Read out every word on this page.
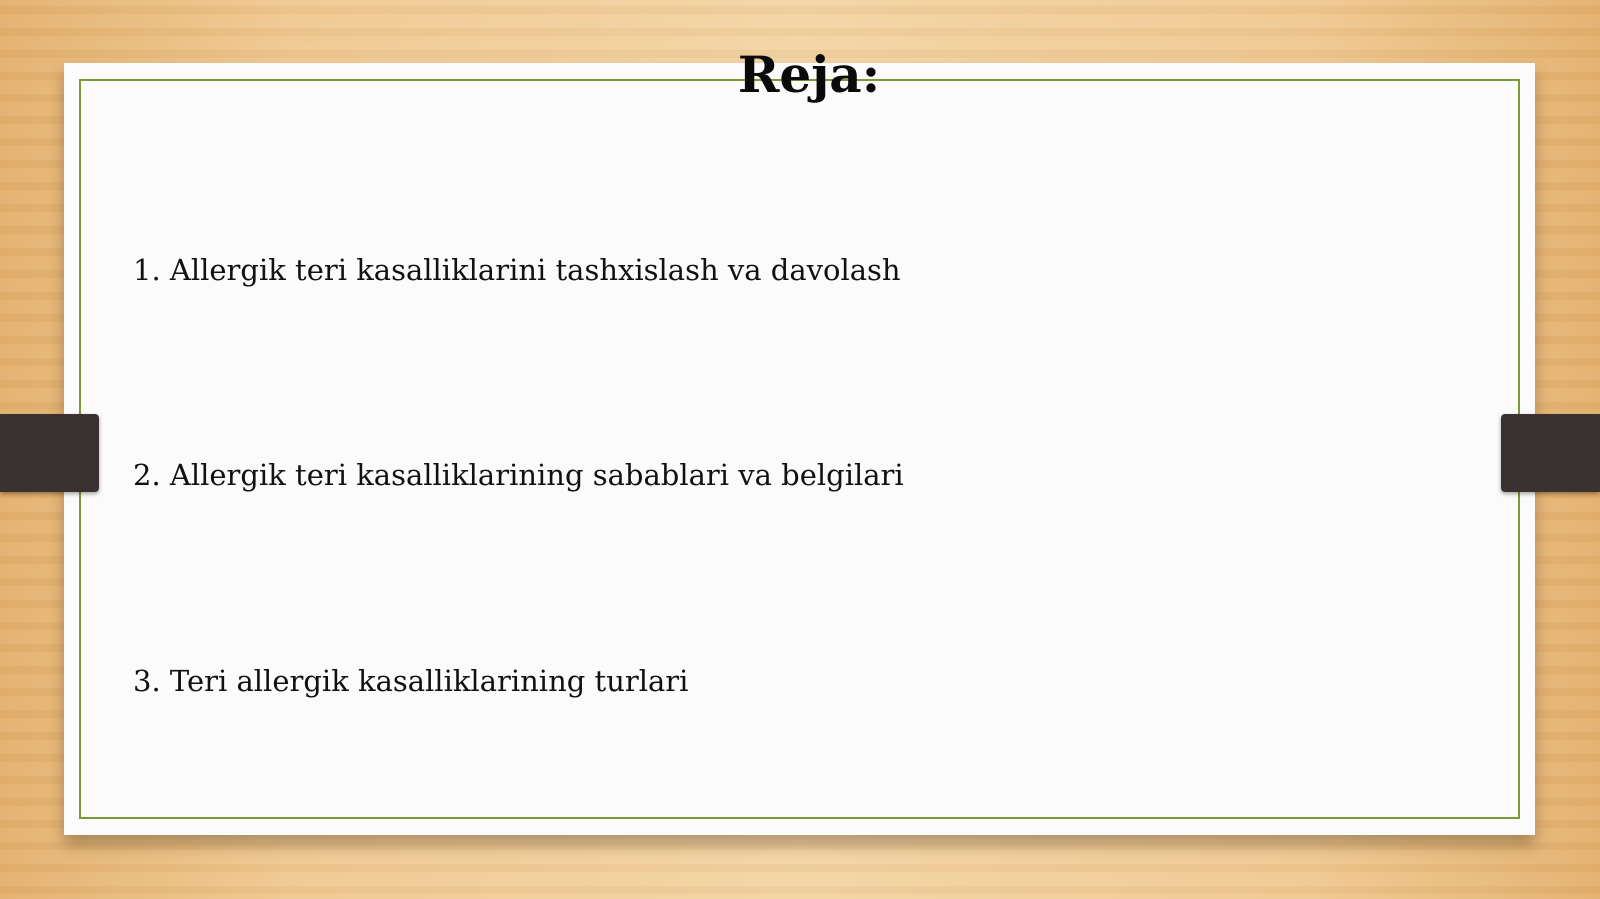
Reja:
1. Allergik teri kasalliklarini tashxislash va davolash
2. Allergik teri kasalliklarining sabablari va belgilari
3. Teri allergik kasalliklarining turlari
